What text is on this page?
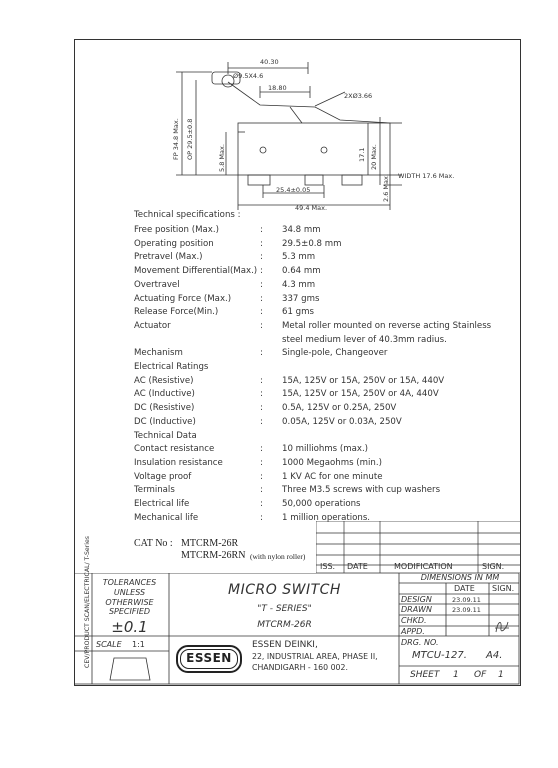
40.30
Ø9.5X4.6
18.80
2XØ3.66
FP 34.8 Max. OP 29.5±0.8	5.8 Max.	17.1 20 Max.
2.6 Max.
25.4±0.05
49.4 Max.
WIDTH 17.6 Max.
Technical specifications :
Free position (Max.)	: 34.8 mm
Operating position	: 29.5±0.8 mm
Pretravel (Max.)	: 5.3 mm
Movement Differential(Max.) : 0.64 mm
Overtravel	: 4.3 mm
Actuating Force (Max.)	: 337 gms
Release Force(Min.)	: 61 gms
Actuator	: Metal roller mounted on reverse acting Stainless
steel medium lever of 40.3mm radius.
Mechanism	: Single-pole, Changeover
Electrical Ratings
AC (Resistive)	: 15A, 125V or 15A, 250V or 15A, 440V
AC (Inductive)	: 15A, 125V or 15A, 250V or 4A, 440V
DC (Resistive)	: 0.5A, 125V or 0.25A, 250V
DC (Inductive)	: 0.05A, 125V or 0.03A, 250V
Technical Data
Contact resistance	: 10 milliohms (max.)
Insulation resistance	: 1000 Megaohms (min.)
Voltage proof	: 1 KV AC for one minute
Terminals	: Three M3.5 screws with cup washers
Electrical life	: 50,000 operations
Mechanical life	: 1 million operations.
CAT No : MTCRM-26R
MTCRM-26RN (with nylon roller)
ISS. DATE	MODIFICATION	SIGN.
CEV/PRODUCT SCAN/ELECTRICAL/ T-Series	TOLERANCES
UNLESS
OTHERWISE
SPECIFIED
±0.1
MICRO SWITCH
"T - SERIES"
MTCRM-26R
DIMENSIONS IN MM
DATE SIGN.
DESIGN	23.09.11
DRAWN	23.09.11
CHKD.
APPD.
SCALE 1:1
ESSEN
ESSEN DEINKI,
22, INDUSTRIAL AREA, PHASE II,
CHANDIGARH - 160 002.
DRG. NO.
MTCU-127. A4.
SHEET 1 OF 1
